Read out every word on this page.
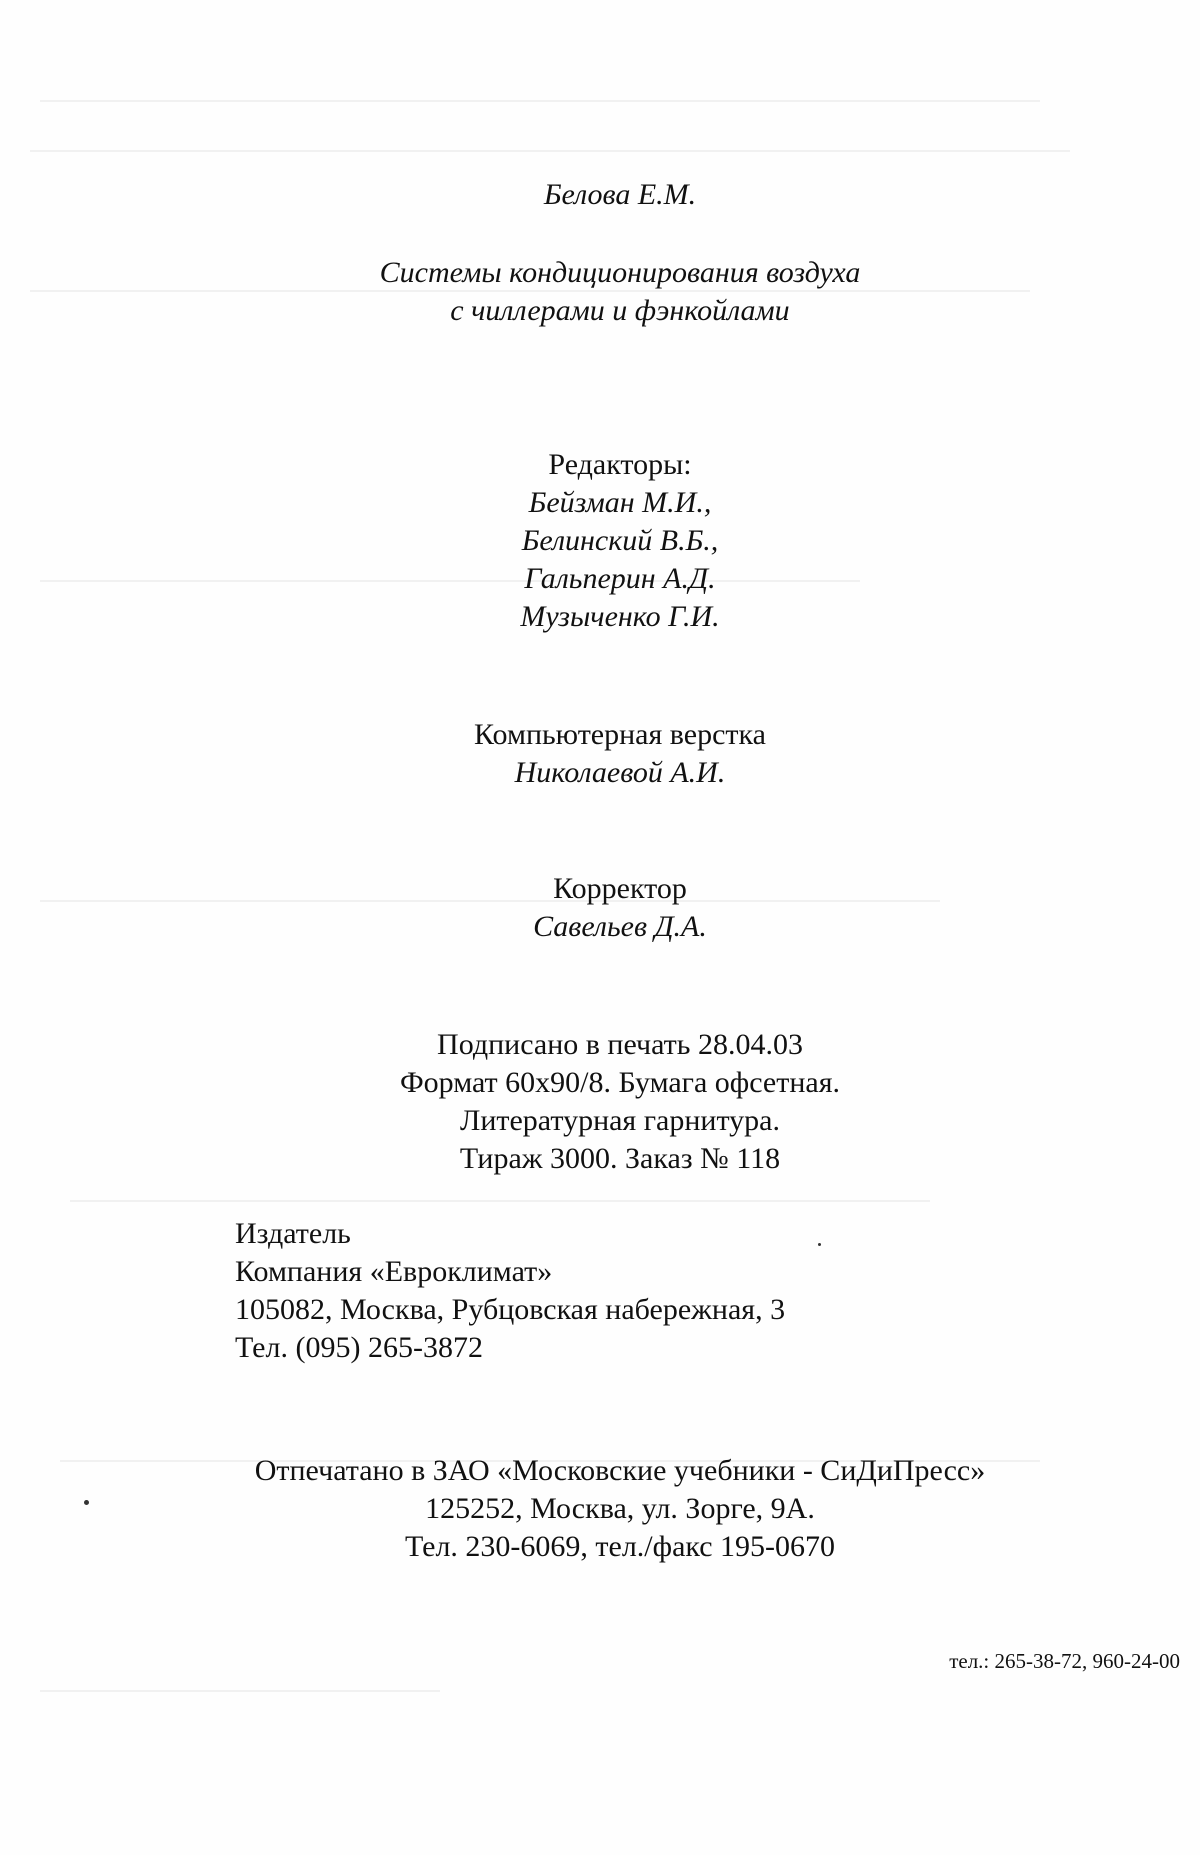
Белова Е.М.
Системы кондиционирования воздуха
с чиллерами и фэнкойлами
Редакторы:
Бейзман М.И.,
Белинский В.Б.,
Гальперин А.Д.
Музыченко Г.И.
Компьютерная верстка
Николаевой А.И.
Корректор
Савельев Д.А.
Подписано в печать 28.04.03
Формат 60х90/8. Бумага офсетная.
Литературная гарнитура.
Тираж 3000. Заказ № 118
Издатель
Компания «Евроклимат»
105082, Москва, Рубцовская набережная, 3
Тел. (095) 265-3872
Отпечатано в ЗАО «Московские учебники - СиДиПресс»
125252, Москва, ул. Зорге, 9А.
Тел. 230-6069, тел./факс 195-0670
тел.: 265-38-72, 960-24-00
